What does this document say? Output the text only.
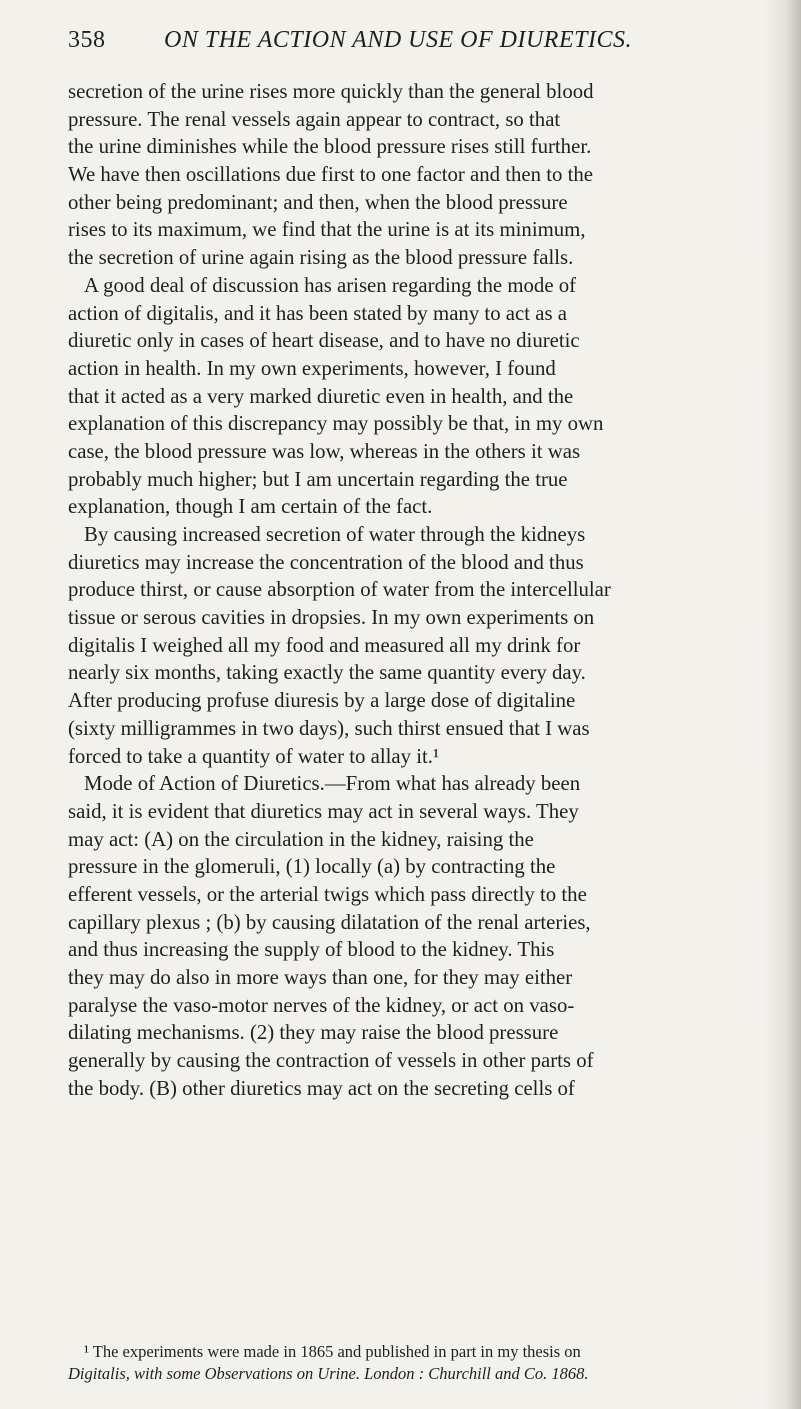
358 ON THE ACTION AND USE OF DIURETICS.
secretion of the urine rises more quickly than the general blood
pressure. The renal vessels again appear to contract, so that
the urine diminishes while the blood pressure rises still further.
We have then oscillations due first to one factor and then to the
other being predominant; and then, when the blood pressure
rises to its maximum, we find that the urine is at its minimum,
the secretion of urine again rising as the blood pressure falls.
A good deal of discussion has arisen regarding the mode of
action of digitalis, and it has been stated by many to act as a
diuretic only in cases of heart disease, and to have no diuretic
action in health. In my own experiments, however, I found
that it acted as a very marked diuretic even in health, and the
explanation of this discrepancy may possibly be that, in my own
case, the blood pressure was low, whereas in the others it was
probably much higher; but I am uncertain regarding the true
explanation, though I am certain of the fact.
By causing increased secretion of water through the kidneys
diuretics may increase the concentration of the blood and thus
produce thirst, or cause absorption of water from the intercellular
tissue or serous cavities in dropsies. In my own experiments on
digitalis I weighed all my food and measured all my drink for
nearly six months, taking exactly the same quantity every day.
After producing profuse diuresis by a large dose of digitaline
(sixty milligrammes in two days), such thirst ensued that I was
forced to take a quantity of water to allay it.¹
Mode of Action of Diuretics.—From what has already been
said, it is evident that diuretics may act in several ways. They
may act: (A) on the circulation in the kidney, raising the
pressure in the glomeruli, (1) locally (a) by contracting the
efferent vessels, or the arterial twigs which pass directly to the
capillary plexus ; (b) by causing dilatation of the renal arteries,
and thus increasing the supply of blood to the kidney. This
they may do also in more ways than one, for they may either
paralyse the vaso-motor nerves of the kidney, or act on vaso-
dilating mechanisms. (2) they may raise the blood pressure
generally by causing the contraction of vessels in other parts of
the body. (B) other diuretics may act on the secreting cells of
¹ The experiments were made in 1865 and published in part in my thesis on
Digitalis, with some Observations on Urine. London : Churchill and Co. 1868.
